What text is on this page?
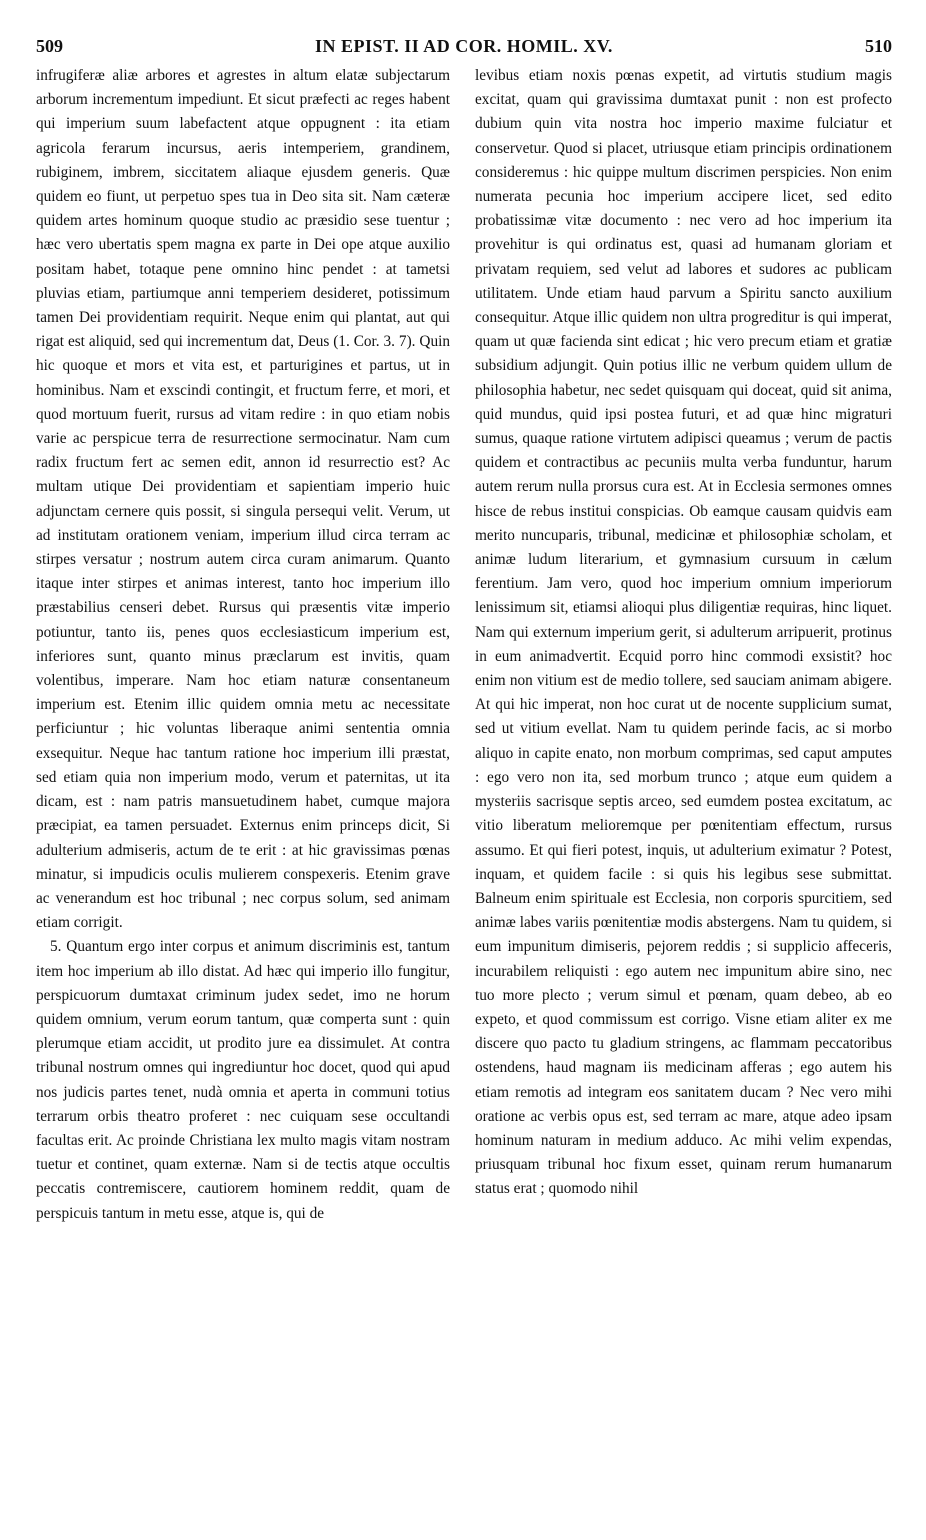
509	IN EPIST. II AD COR. HOMIL. XV.	510

infrugiferæ aliæ arbores et agrestes in altum elatæ subjectarum arborum incrementum impediunt. Et sicut præfecti ac reges habent qui imperium suum labefactent atque oppugnent : ita etiam agricola ferarum incursus, aeris intemperiem, grandinem, rubiginem, imbrem, siccitatem aliaque ejusdem generis. Quæ quidem eo fiunt, ut perpetuo spes tua in Deo sita sit. Nam cæteræ quidem artes hominum quoque studio ac præsidio sese tuentur ; hæc vero ubertatis spem magna ex parte in Dei ope atque auxilio positam habet, totaque pene omnino hinc pendet : at tametsi pluvias etiam, partiumque anni temperiem desideret, potissimum tamen Dei providentiam requirit. Neque enim qui plantat, aut qui rigat est aliquid, sed qui incrementum dat, Deus (1. Cor. 3. 7). Quin hic quoque et mors et vita est, et parturigines et partus, ut in hominibus. Nam et exscindi contingit, et fructum ferre, et mori, et quod mortuum fuerit, rursus ad vitam redire : in quo etiam nobis varie ac perspicue terra de resurrectione sermocinatur. Nam cum radix fructum fert ac semen edit, annon id resurrectio est? Ac multam utique Dei providentiam et sapientiam imperio huic adjunctam cernere quis possit, si singula persequi velit. Verum, ut ad institutam orationem veniam, imperium illud circa terram ac stirpes versatur ; nostrum autem circa curam animarum. Quanto itaque inter stirpes et animas interest, tanto hoc imperium illo præstabilius censeri debet. Rursus qui præsentis vitæ imperio potiuntur, tanto iis, penes quos ecclesiasticum imperium est, inferiores sunt, quanto minus præclarum est invitis, quam volentibus, imperare. Nam hoc etiam naturæ consentaneum imperium est. Etenim illic quidem omnia metu ac necessitate perficiuntur ; hic voluntas liberaque animi sententia omnia exsequitur. Neque hac tantum ratione hoc imperium illi præstat, sed etiam quia non imperium modo, verum et paternitas, ut ita dicam, est : nam patris mansuetudinem habet, cumque majora præcipiat, ea tamen persuadet. Externus enim princeps dicit, Si adulterium admiseris, actum de te erit : at hic gravissimas pœnas minatur, si impudicis oculis mulierem conspexeris. Etenim grave ac venerandum est hoc tribunal ; nec corpus solum, sed animam etiam corrigit.

5. Quantum ergo inter corpus et animum discriminis est, tantum item hoc imperium ab illo distat. Ad hæc qui imperio illo fungitur, perspicuorum dumtaxat criminum judex sedet, imo ne horum quidem omnium, verum eorum tantum, quæ comperta sunt : quin plerumque etiam accidit, ut prodito jure ea dissimulet. At contra tribunal nostrum omnes qui ingrediuntur hoc docet, quod qui apud nos judicis partes tenet, nudà omnia et aperta in communi totius terrarum orbis theatro proferet : nec cuiquam sese occultandi facultas erit. Ac proinde Christiana lex multo magis vitam nostram tuetur et continet, quam externæ. Nam si de tectis atque occultis peccatis contremiscere, cautiorem hominem reddit, quam de perspicuis tantum in metu esse, atque is, qui de

levibus etiam noxis pœnas expetit, ad virtutis studium magis excitat, quam qui gravissima dumtaxat punit : non est profecto dubium quin vita nostra hoc imperio maxime fulciatur et conservetur. Quod si placet, utriusque etiam principis ordinationem consideremus : hic quippe multum discrimen perspicies. Non enim numerata pecunia hoc imperium accipere licet, sed edito probatissimæ vitæ documento : nec vero ad hoc imperium ita provehitur is qui ordinatus est, quasi ad humanam gloriam et privatam requiem, sed velut ad labores et sudores ac publicam utilitatem. Unde etiam haud parvum a Spiritu sancto auxilium consequitur. Atque illic quidem non ultra progreditur is qui imperat, quam ut quæ facienda sint edicat ; hic vero precum etiam et gratiæ subsidium adjungit. Quin potius illic ne verbum quidem ullum de philosophia habetur, nec sedet quisquam qui doceat, quid sit anima, quid mundus, quid ipsi postea futuri, et ad quæ hinc migraturi sumus, quaque ratione virtutem adipisci queamus ; verum de pactis quidem et contractibus ac pecuniis multa verba funduntur, harum autem rerum nulla prorsus cura est. At in Ecclesia sermones omnes hisce de rebus institui conspicias. Ob eamque causam quidvis eam merito nuncuparis, tribunal, medicinæ et philosophiæ scholam, et animæ ludum literarium, et gymnasium cursuum in cælum ferentium. Jam vero, quod hoc imperium omnium imperiorum lenissimum sit, etiamsi alioqui plus diligentiæ requiras, hinc liquet. Nam qui externum imperium gerit, si adulterum arripuerit, protinus in eum animadvertit. Ecquid porro hinc commodi exsistit? hoc enim non vitium est de medio tollere, sed sauciam animam abigere. At qui hic imperat, non hoc curat ut de nocente supplicium sumat, sed ut vitium evellat. Nam tu quidem perinde facis, ac si morbo aliquo in capite enato, non morbum comprimas, sed caput amputes : ego vero non ita, sed morbum trunco ; atque eum quidem a mysteriis sacrisque septis arceo, sed eumdem postea excitatum, ac vitio liberatum melioremque per pœnitentiam effectum, rursus assumo. Et qui fieri potest, inquis, ut adulterium eximatur ? Potest, inquam, et quidem facile : si quis his legibus sese submittat. Balneum enim spirituale est Ecclesia, non corporis spurcitiem, sed animæ labes variis pœnitentiæ modis abstergens. Nam tu quidem, si eum impunitum dimiseris, pejorem reddis ; si supplicio affeceris, incurabilem reliquisti : ego autem nec impunitum abire sino, nec tuo more plecto ; verum simul et pœnam, quam debeo, ab eo expeto, et quod commissum est corrigo. Visne etiam aliter ex me discere quo pacto tu gladium stringens, ac flammam peccatoribus ostendens, haud magnam iis medicinam afferas ; ego autem his etiam remotis ad integram eos sanitatem ducam ? Nec vero mihi oratione ac verbis opus est, sed terram ac mare, atque adeo ipsam hominum naturam in medium adduco. Ac mihi velim expendas, priusquam tribunal hoc fixum esset, quinam rerum humanarum status erat ; quomodo nihil
